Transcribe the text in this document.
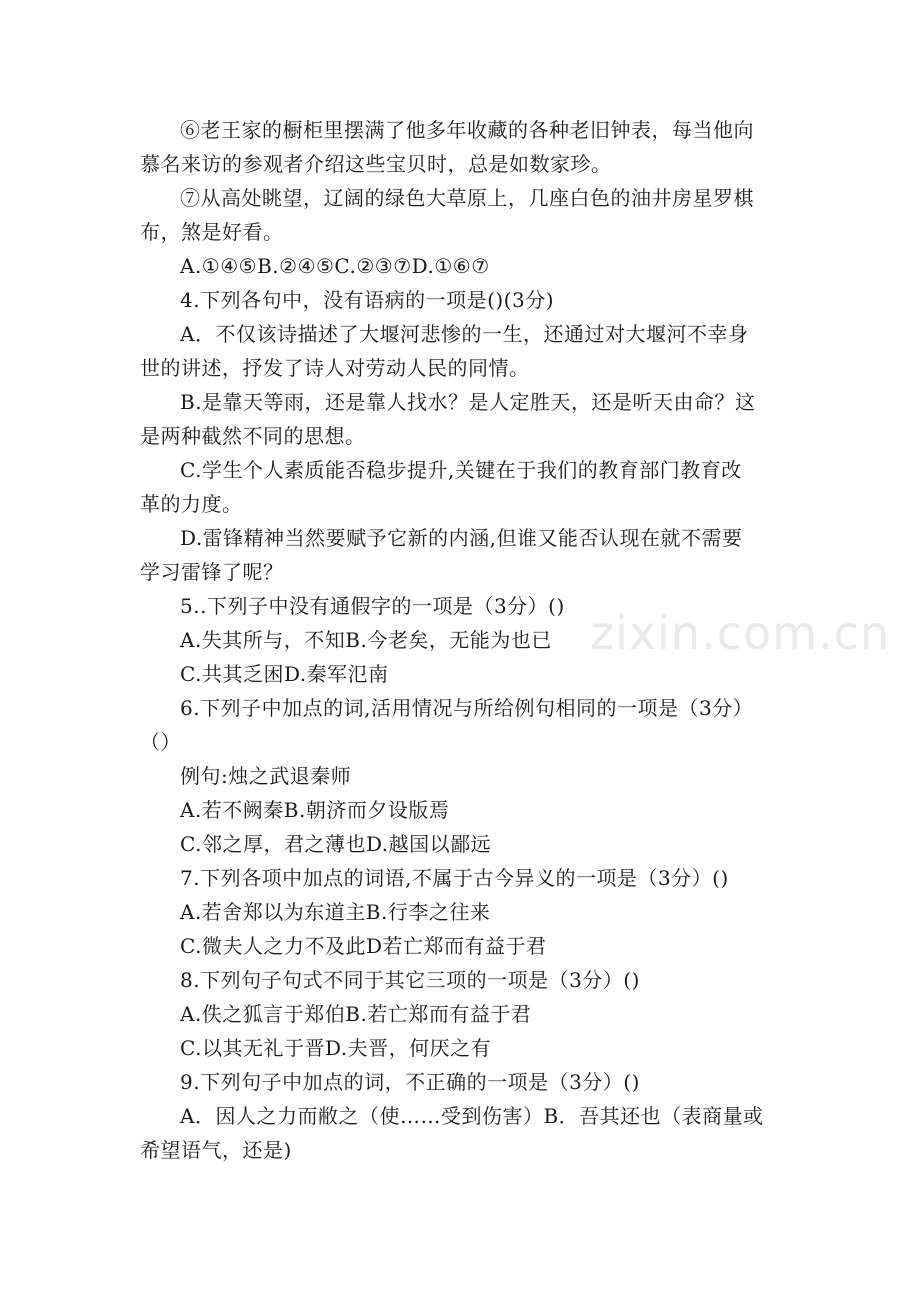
⑥老王家的橱柜里摆满了他多年收藏的各种老旧钟表，每当他向
慕名来访的参观者介绍这些宝贝时，总是如数家珍。
⑦从高处眺望，辽阔的绿色大草原上，几座白色的油井房星罗棋
布，煞是好看。
A.①④⑤B.②④⑤C.②③⑦D.①⑥⑦
4.下列各句中，没有语病的一项是()(3分)
A．不仅该诗描述了大堰河悲惨的一生，还通过对大堰河不幸身
世的讲述，抒发了诗人对劳动人民的同情。
B.是靠天等雨，还是靠人找水？是人定胜天，还是听天由命？这
是两种截然不同的思想。
C.学生个人素质能否稳步提升,关键在于我们的教育部门教育改
革的力度。
D.雷锋精神当然要赋予它新的内涵,但谁又能否认现在就不需要
学习雷锋了呢？
5..下列子中没有通假字的一项是（3分）()
A.失其所与，不知B.今老矣，无能为也已
C.共其乏困D.秦军氾南
6.下列子中加点的词,活用情况与所给例句相同的一项是（3分）
（）
例句:烛之武退秦师
A.若不阙秦B.朝济而夕设版焉
C.邻之厚，君之薄也D.越国以鄙远
7.下列各项中加点的词语,不属于古今异义的一项是（3分）()
A.若舍郑以为东道主B.行李之往来
C.微夫人之力不及此D若亡郑而有益于君
8.下列句子句式不同于其它三项的一项是（3分）()
A.佚之狐言于郑伯B.若亡郑而有益于君
C.以其无礼于晋D.夫晋，何厌之有
9.下列句子中加点的词，不正确的一项是（3分）()
A．因人之力而敝之（使……受到伤害）B．吾其还也（表商量或
希望语气，还是)
zixin.com.cn
